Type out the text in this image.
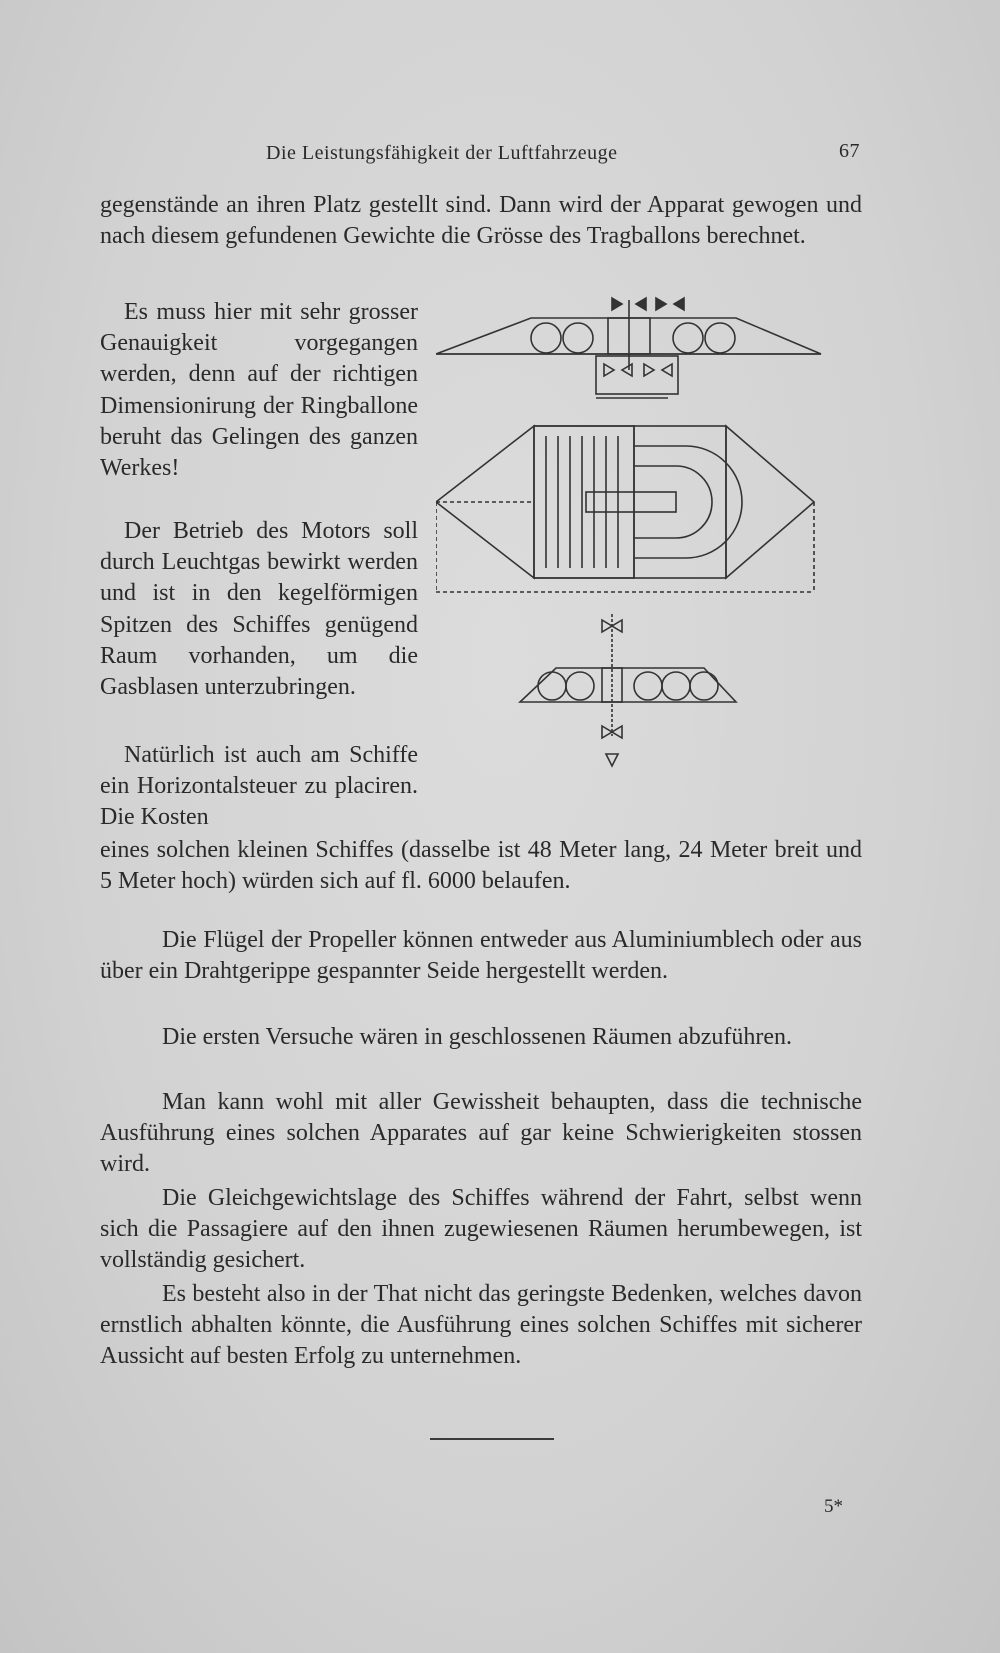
Die Leistungsfähigkeit der Luftfahrzeuge	67

gegenstände an ihren Platz gestellt sind. Dann wird der Apparat gewogen und nach diesem gefundenen Gewichte die Grösse des Tragballons berechnet.

Es muss hier mit sehr grosser Genauigkeit vorgegangen werden, denn auf der richtigen Dimensionirung der Ringballone beruht das Gelingen des ganzen Werkes!

Der Betrieb des Motors soll durch Leuchtgas bewirkt werden und ist in den kegelförmigen Spitzen des Schiffes genügend Raum vorhanden, um die Gasblasen unterzubringen.

Natürlich ist auch am Schiffe ein Horizontalsteuer zu placiren. Die Kosten

eines solchen kleinen Schiffes (dasselbe ist 48 Meter lang, 24 Meter breit und 5 Meter hoch) würden sich auf fl. 6000 belaufen.

Die Flügel der Propeller können entweder aus Aluminiumblech oder aus über ein Drahtgerippe gespannter Seide hergestellt werden.

Die ersten Versuche wären in geschlossenen Räumen abzuführen.

Man kann wohl mit aller Gewissheit behaupten, dass die technische Ausführung eines solchen Apparates auf gar keine Schwierigkeiten stossen wird.

Die Gleichgewichtslage des Schiffes während der Fahrt, selbst wenn sich die Passagiere auf den ihnen zugewiesenen Räumen herumbewegen, ist vollständig gesichert.

Es besteht also in der That nicht das geringste Bedenken, welches davon ernstlich abhalten könnte, die Ausführung eines solchen Schiffes mit sicherer Aussicht auf besten Erfolg zu unternehmen.

5*
